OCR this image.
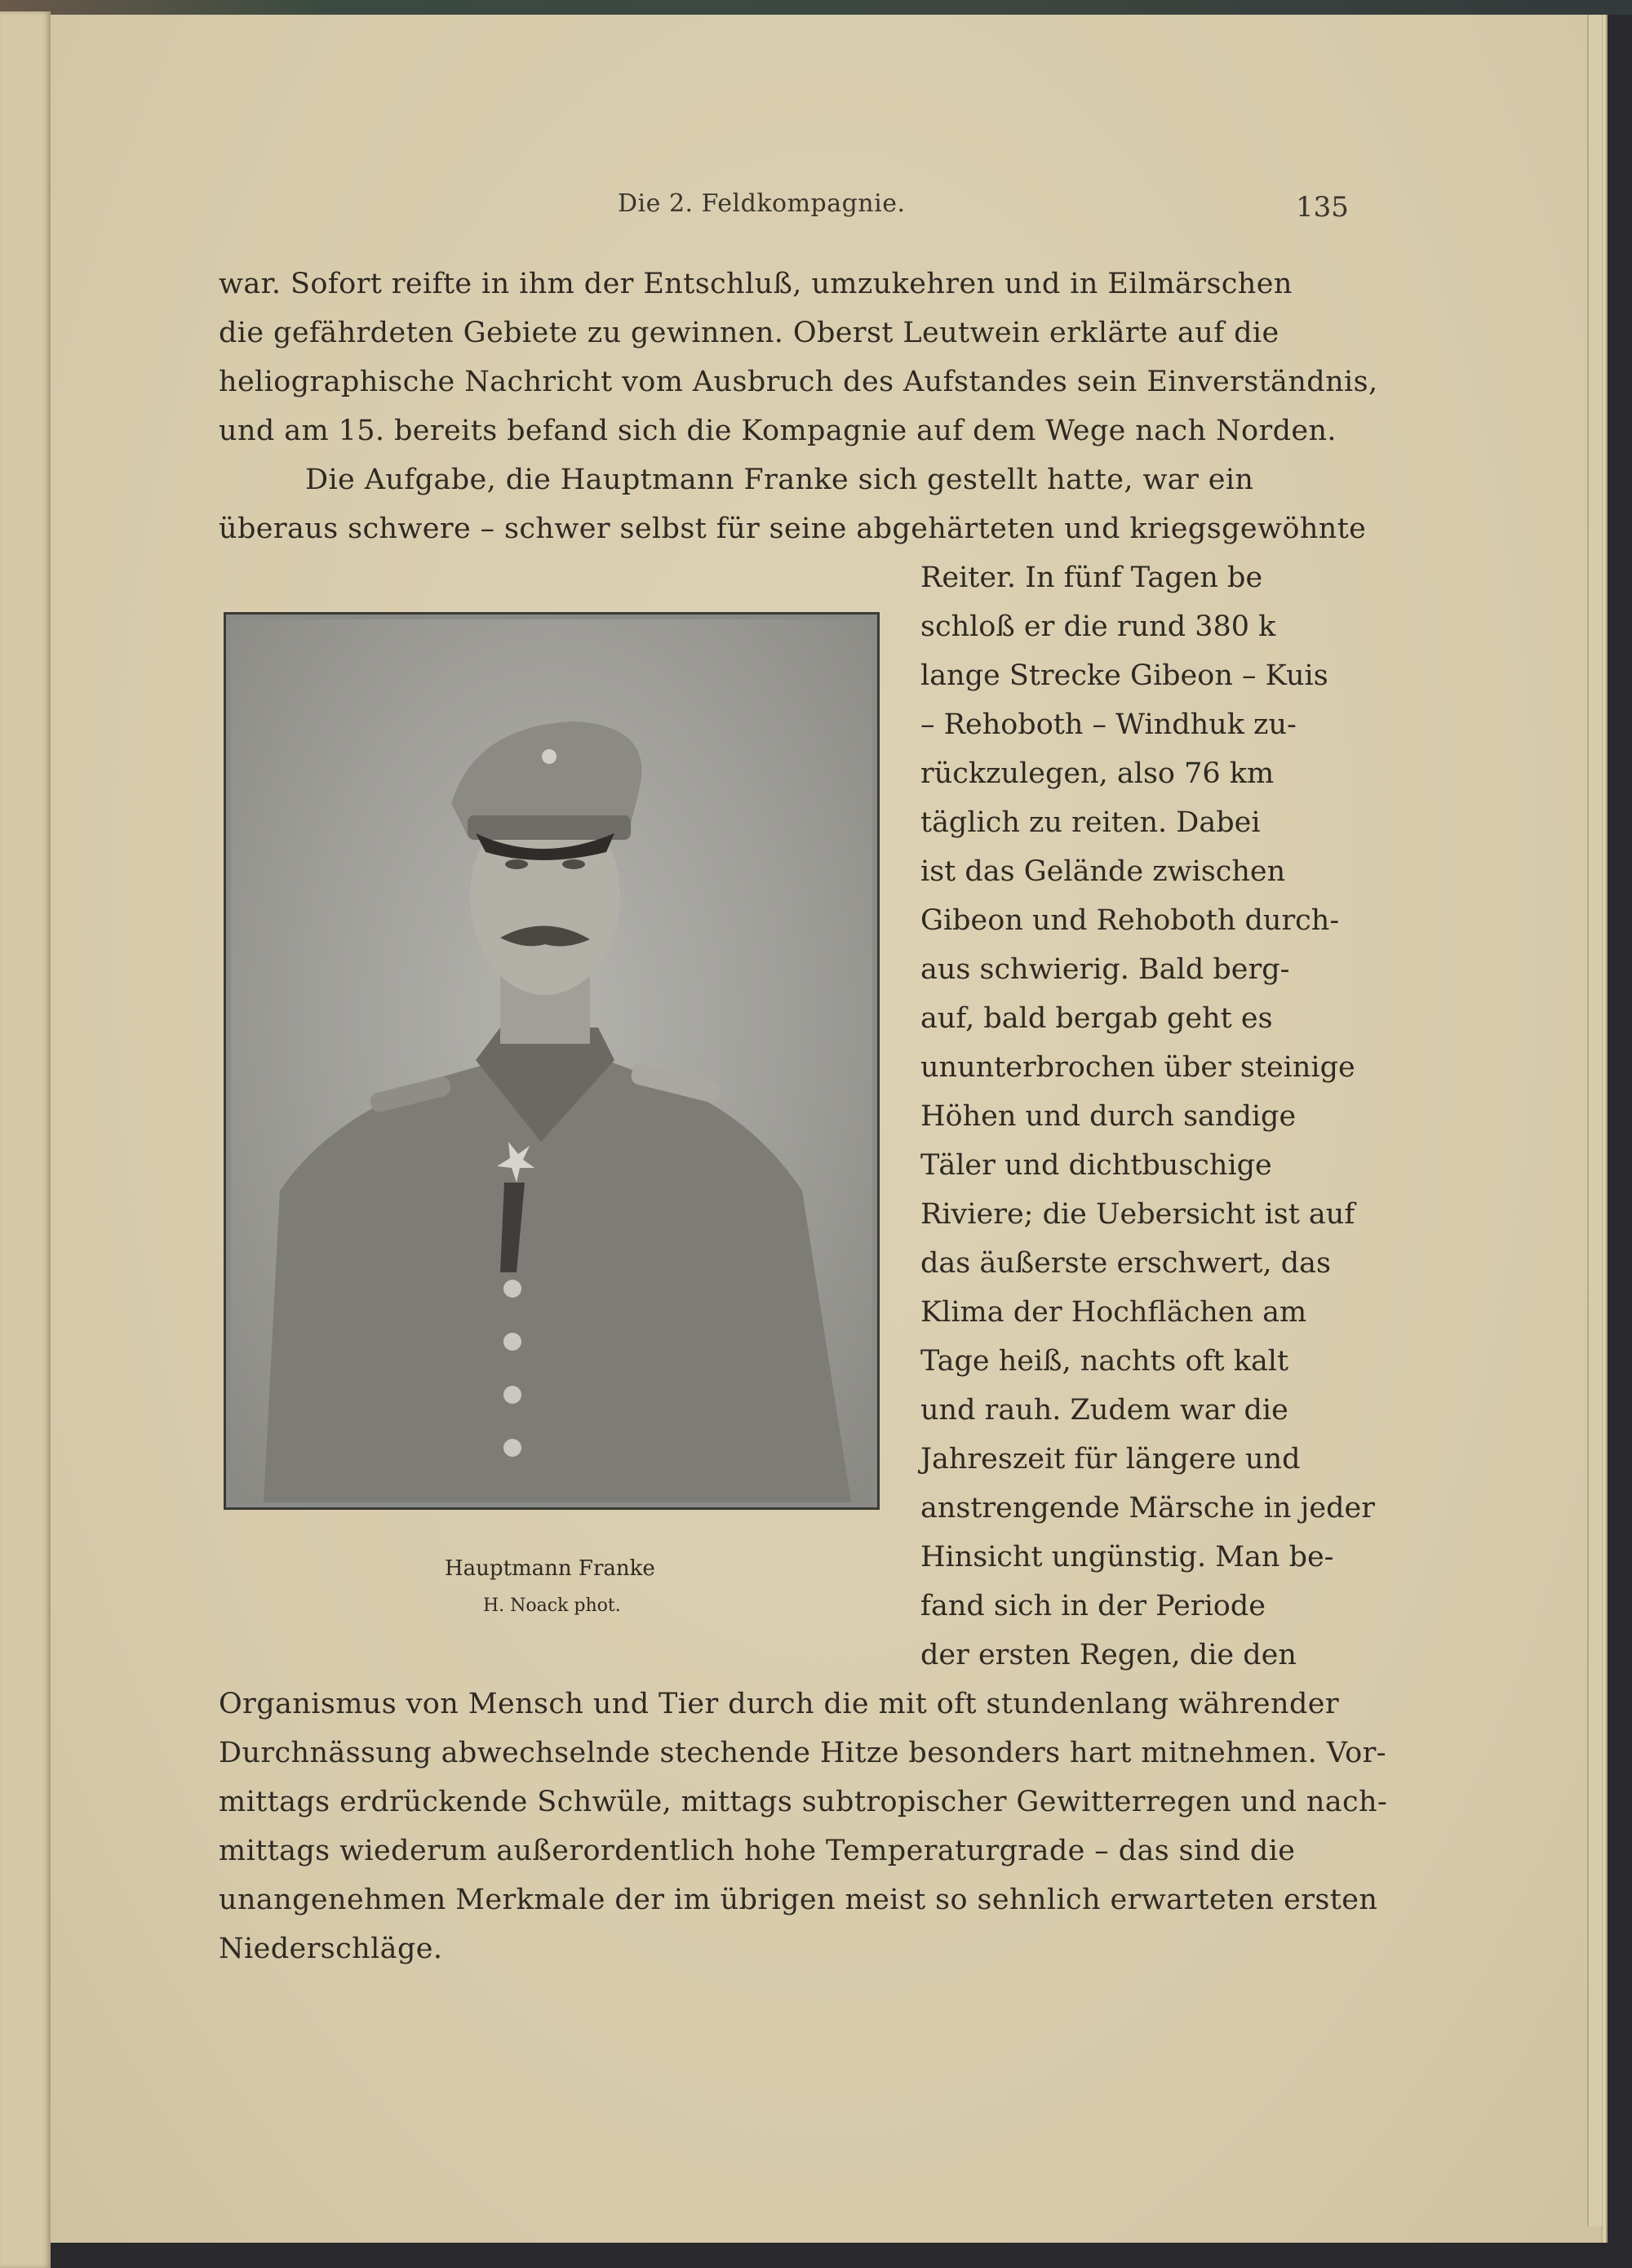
Die 2. Feldkompagnie.	135
war. Sofort reifte in ihm der Entschluß, umzukehren und in Eilmärschen
die gefährdeten Gebiete zu gewinnen. Oberst Leutwein erklärte auf die
heliographische Nachricht vom Ausbruch des Aufstandes sein Einverständnis,
und am 15. bereits befand sich die Kompagnie auf dem Wege nach Norden.
Die Aufgabe, die Hauptmann Franke sich gestellt hatte, war ein
überaus schwere – schwer selbst für seine abgehärteten und kriegsgewöhnte
Hauptmann Franke
H. Noack phot.
Reiter. In fünf Tagen be
schloß er die rund 380 k
lange Strecke Gibeon – Kuis
– Rehoboth – Windhuk zu-
rückzulegen, also 76 km
täglich zu reiten. Dabei
ist das Gelände zwischen
Gibeon und Rehoboth durch-
aus schwierig. Bald berg-
auf, bald bergab geht es
ununterbrochen über steinige
Höhen und durch sandige
Täler und dichtbuschige
Riviere; die Uebersicht ist auf
das äußerste erschwert, das
Klima der Hochflächen am
Tage heiß, nachts oft kalt
und rauh. Zudem war die
Jahreszeit für längere und
anstrengende Märsche in jeder
Hinsicht ungünstig. Man be-
fand sich in der Periode
der ersten Regen, die den
Organismus von Mensch und Tier durch die mit oft stundenlang währender
Durchnässung abwechselnde stechende Hitze besonders hart mitnehmen. Vor-
mittags erdrückende Schwüle, mittags subtropischer Gewitterregen und nach-
mittags wiederum außerordentlich hohe Temperaturgrade – das sind die
unangenehmen Merkmale der im übrigen meist so sehnlich erwarteten ersten
Niederschläge.
